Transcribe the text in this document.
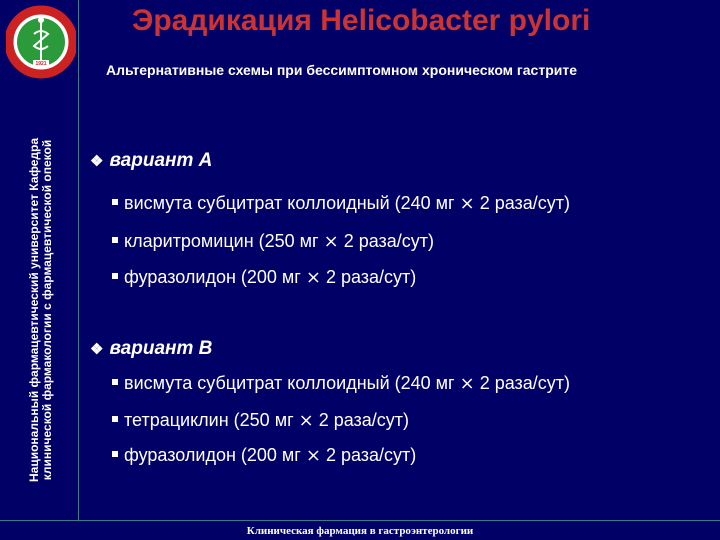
1921
Национальный фармацевтический университет Кафедра клинической фармакологии с фармацевтической опекой
Эрадикация Helicobacter pylori
Альтернативные схемы при бессимптомном хроническом гастрите
❖ вариант А
висмута субцитрат коллоидный (240 мг ⨯ 2 раза/сут)
кларитромицин (250 мг ⨯ 2 раза/сут)
фуразолидон (200 мг ⨯ 2 раза/сут)
❖ вариант В
висмута субцитрат коллоидный (240 мг ⨯ 2 раза/сут)
тетрациклин (250 мг ⨯ 2 раза/сут)
фуразолидон (200 мг ⨯ 2 раза/сут)
Клиническая фармация в гастроэнтерологии
